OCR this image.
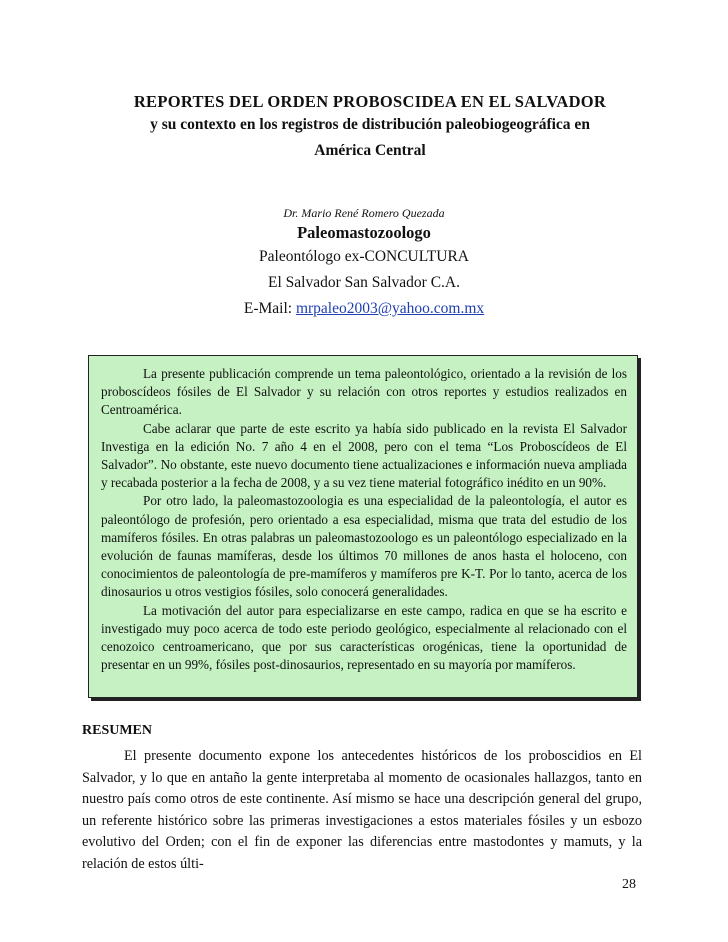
REPORTES DEL ORDEN PROBOSCIDEA EN EL SALVADOR
y su contexto en los registros de distribución paleobiogeográfica en
América Central
Dr. Mario René Romero Quezada
Paleomastozoologo
Paleontólogo ex-CONCULTURA
El Salvador San Salvador C.A.
E-Mail: mrpaleo2003@yahoo.com.mx

La presente publicación comprende un tema paleontológico, orientado a la revisión de los proboscídeos fósiles de El Salvador y su relación con otros reportes y estudios realizados en Centroamérica.

Cabe aclarar que parte de este escrito ya había sido publicado en la revista El Salvador Investiga en la edición No. 7 año 4 en el 2008, pero con el tema “Los Proboscídeos de El Salvador”. No obstante, este nuevo documento tiene actualizaciones e información nueva ampliada y recabada posterior a la fecha de 2008, y a su vez tiene material fotográfico inédito en un 90%.

Por otro lado, la paleomastozoologia es una especialidad de la paleontología, el autor es paleontólogo de profesión, pero orientado a esa especialidad, misma que trata del estudio de los mamíferos fósiles. En otras palabras un paleomastozoologo es un paleontólogo especializado en la evolución de faunas mamíferas, desde los últimos 70 millones de anos hasta el holoceno, con conocimientos de paleontología de pre-mamíferos y mamíferos pre K-T. Por lo tanto, acerca de los dinosaurios u otros vestigios fósiles, solo conocerá generalidades.

La motivación del autor para especializarse en este campo, radica en que se ha escrito e investigado muy poco acerca de todo este periodo geológico, especialmente al relacionado con el cenozoico centroamericano, que por sus características orogénicas, tiene la oportunidad de presentar en un 99%, fósiles post-dinosaurios, representado en su mayoría por mamíferos.

RESUMEN

El presente documento expone los antecedentes históricos de los proboscidios en El Salvador, y lo que en antaño la gente interpretaba al momento de ocasionales hallazgos, tanto en nuestro país como otros de este continente. Así mismo se hace una descripción general del grupo, un referente histórico sobre las primeras investigaciones a estos materiales fósiles y un esbozo evolutivo del Orden; con el fin de exponer las diferencias entre mastodontes y mamuts, y la relación de estos últi-

28
